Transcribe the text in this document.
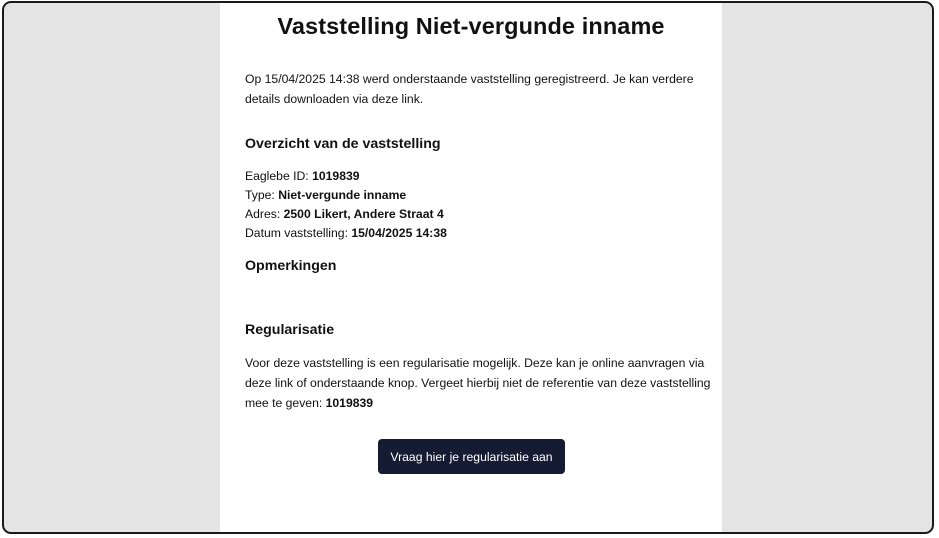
Vaststelling Niet-vergunde inname

Op 15/04/2025 14:38 werd onderstaande vaststelling geregistreerd. Je kan verdere details downloaden via deze link.

Overzicht van de vaststelling
Eaglebe ID: 1019839
Type: Niet-vergunde inname
Adres: 2500 Likert, Andere Straat 4
Datum vaststelling: 15/04/2025 14:38
Opmerkingen
Regularisatie

Voor deze vaststelling is een regularisatie mogelijk. Deze kan je online aanvragen via deze link of onderstaande knop. Vergeet hierbij niet de referentie van deze vaststelling mee te geven: 1019839

Vraag hier je regularisatie aan
